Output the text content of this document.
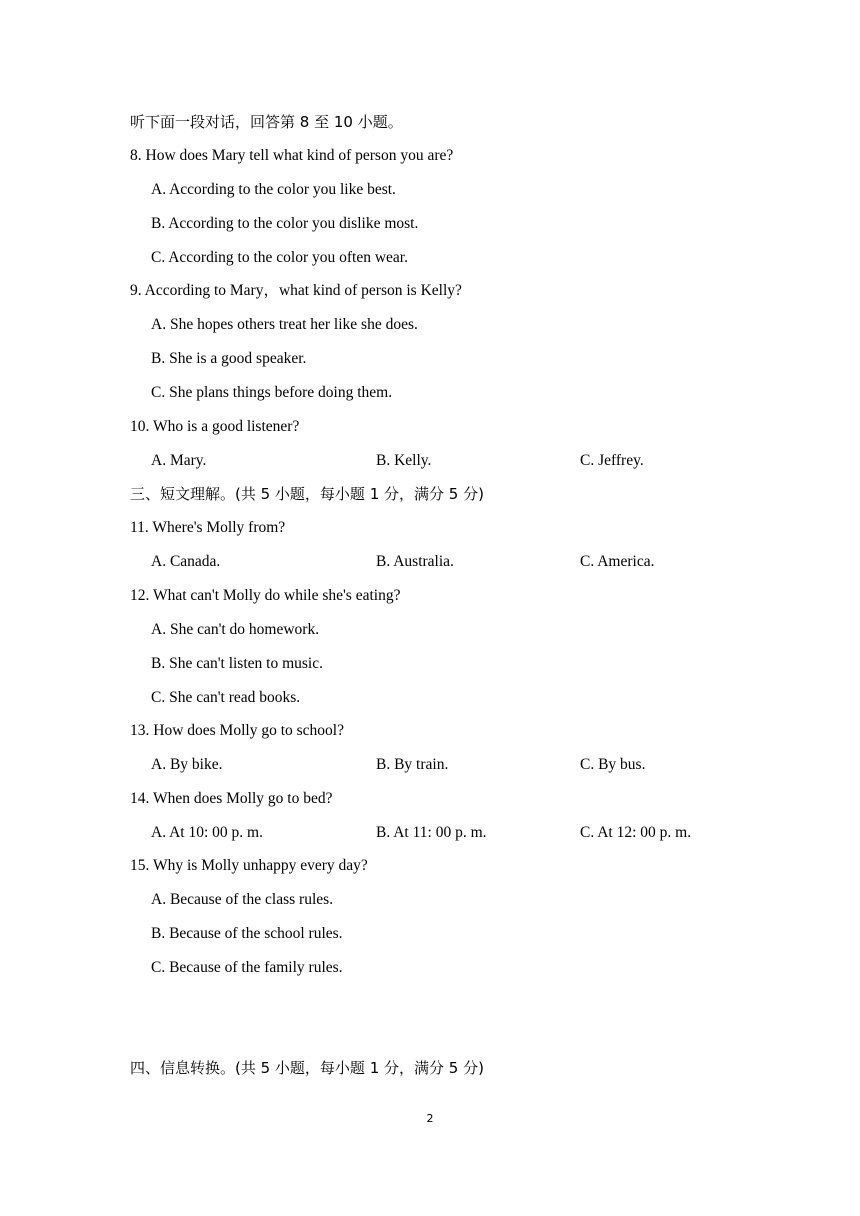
听下面一段对话，回答第 8 至 10 小题。
8. How does Mary tell what kind of person you are?
A. According to the color you like best.
B. According to the color you dislike most.
C. According to the color you often wear.
9. According to Mary，what kind of person is Kelly?
A. She hopes others treat her like she does.
B. She is a good speaker.
C. She plans things before doing them.
10. Who is a good listener?
A. Mary.	B. Kelly.	C. Jeffrey.
三、短文理解。(共 5 小题，每小题 1 分，满分 5 分)
11. Where's Molly from?
A. Canada.	B. Australia.	C. America.
12. What can't Molly do while she's eating?
A. She can't do homework.
B. She can't listen to music.
C. She can't read books.
13. How does Molly go to school?
A. By bike.	B. By train.	C. By bus.
14. When does Molly go to bed?
A. At 10: 00 p. m.	B. At 11: 00 p. m.	C. At 12: 00 p. m.
15. Why is Molly unhappy every day?
A. Because of the class rules.
B. Because of the school rules.
C. Because of the family rules.
四、信息转换。(共 5 小题，每小题 1 分，满分 5 分)
2
